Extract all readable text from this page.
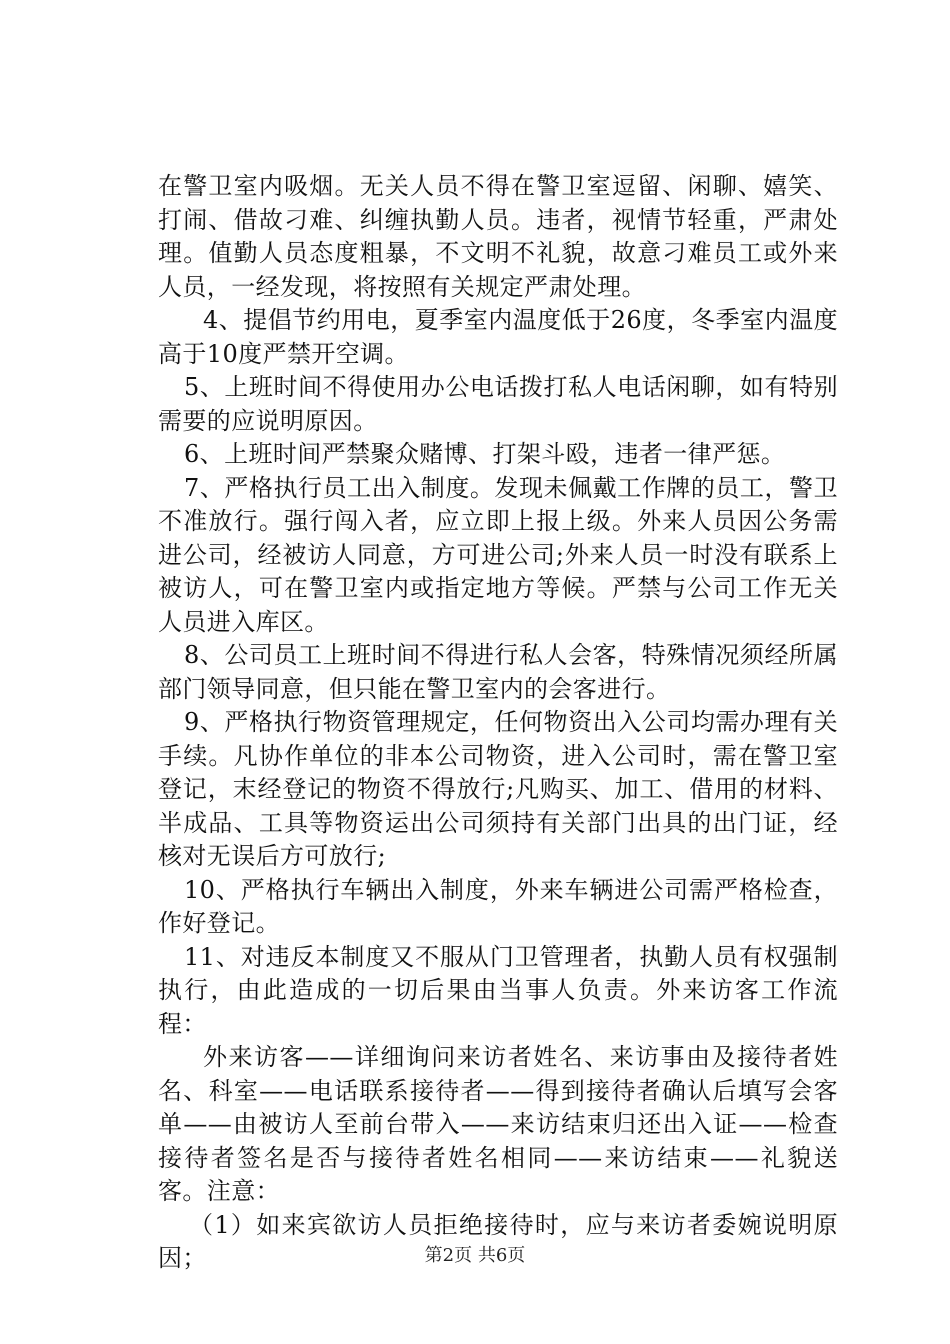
在警卫室内吸烟。无关人员不得在警卫室逗留、闲聊、嬉笑、打闹、借故刁难、纠缠执勤人员。违者，视情节轻重，严肃处理。值勤人员态度粗暴，不文明不礼貌，故意刁难员工或外来人员，一经发现，将按照有关规定严肃处理。

4、提倡节约用电，夏季室内温度低于26度，冬季室内温度高于10度严禁开空调。

5、上班时间不得使用办公电话拨打私人电话闲聊，如有特别需要的应说明原因。

6、上班时间严禁聚众赌博、打架斗殴，违者一律严惩。

7、严格执行员工出入制度。发现未佩戴工作牌的员工，警卫不准放行。强行闯入者，应立即上报上级。外来人员因公务需进公司，经被访人同意，方可进公司;外来人员一时没有联系上被访人，可在警卫室内或指定地方等候。严禁与公司工作无关人员进入库区。

8、公司员工上班时间不得进行私人会客，特殊情况须经所属部门领导同意，但只能在警卫室内的会客进行。

9、严格执行物资管理规定，任何物资出入公司均需办理有关手续。凡协作单位的非本公司物资，进入公司时，需在警卫室登记，末经登记的物资不得放行;凡购买、加工、借用的材料、半成品、工具等物资运出公司须持有关部门出具的出门证，经核对无误后方可放行;

10、严格执行车辆出入制度，外来车辆进公司需严格检查，作好登记。

11、对违反本制度又不服从门卫管理者，执勤人员有权强制执行，由此造成的一切后果由当事人负责。外来访客工作流程：

外来访客——详细询问来访者姓名、来访事由及接待者姓名、科室——电话联系接待者——得到接待者确认后填写会客单——由被访人至前台带入——来访结束归还出入证——检查接待者签名是否与接待者姓名相同——来访结束——礼貌送客。注意：

（1）如来宾欲访人员拒绝接待时，应与来访者委婉说明原因；	第2页 共6页
